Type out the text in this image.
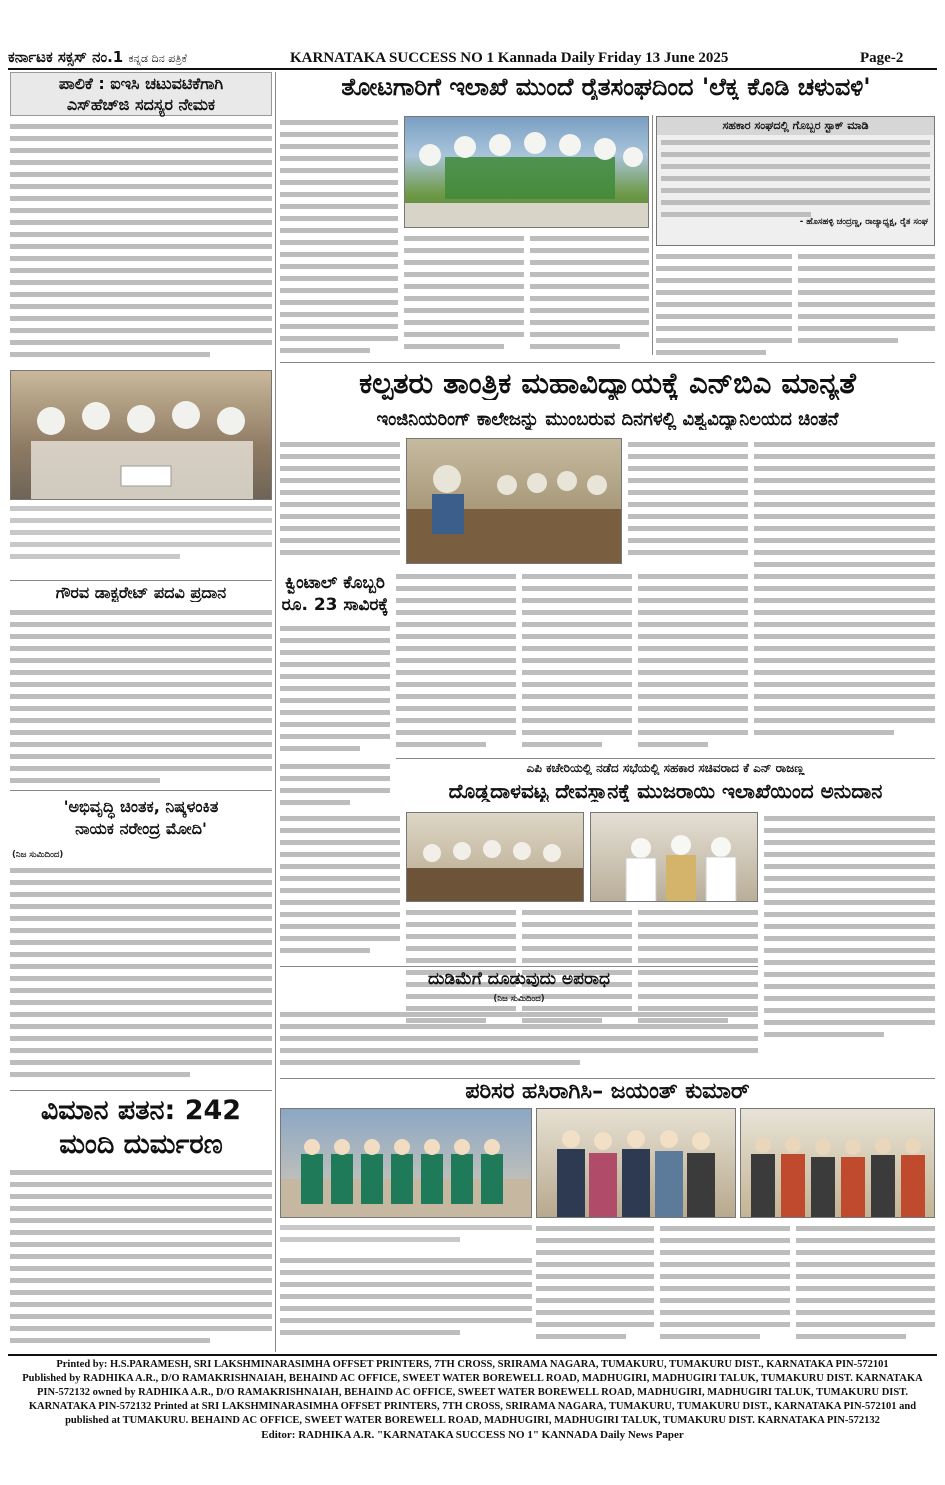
ಕರ್ನಾಟಕ ಸಕ್ಸಸ್ ನಂ.1 ಕನ್ನಡ ದಿನ ಪತ್ರಿಕೆ	KARNATAKA SUCCESS NO 1 Kannada Daily Friday 13 June 2025	Page-2
ಪಾಲಿಕೆ : ಐಇಸಿ ಚಟುವಟಿಕೆಗಾಗಿ
ಎಸ್‌ಹೆಚ್‌ಜಿ ಸದಸ್ಯರ ನೇಮಕ
ಗೌರವ ಡಾಕ್ಟರೇಟ್ ಪದವಿ ಪ್ರದಾನ
'ಅಭಿವೃದ್ಧಿ ಚಿಂತಕ, ನಿಷ್ಕಳಂಕಿತ
ನಾಯಕ ನರೇಂದ್ರ ಮೋದಿ'
(ನಿಜ ಸುಮಿದಿಂದ)
ವಿಮಾನ ಪತನ: 242
ಮಂದಿ ದುರ್ಮರಣ
ತೋಟಗಾರಿಗೆ ಇಲಾಖೆ ಮುಂದೆ ರೈತಸಂಘದಿಂದ 'ಲೆಕ್ಕ ಕೊಡಿ ಚಳುವಳಿ'
ಸಹಕಾರ ಸಂಘದಲ್ಲಿ ಗೊಬ್ಬರ ಸ್ಟಾಕ್ ಮಾಡಿ
- ಹೊಸಹಳ್ಳಿ ಚಂದ್ರಣ್ಣ, ರಾಜ್ಯಾಧ್ಯಕ್ಷ, ರೈತ ಸಂಘ
ಕಲ್ಪತರು ತಾಂತ್ರಿಕ ಮಹಾವಿದ್ಯಾಯಕ್ಕೆ ಎನ್‌ಬಿಎ ಮಾನ್ಯತೆ
ಇಂಜಿನಿಯರಿಂಗ್ ಕಾಲೇಜನ್ನು ಮುಂಬರುವ ದಿನಗಳಲ್ಲಿ ವಿಶ್ವವಿದ್ಯಾನಿಲಯದ ಚಿಂತನೆ
ಕ್ವಿಂಟಾಲ್ ಕೊಬ್ಬರಿ
ರೂ. 23 ಸಾವಿರಕ್ಕೆ
ಎಪಿ ಕಚೇರಿಯಲ್ಲಿ ನಡೆದ ಸಭೆಯಲ್ಲಿ ಸಹಕಾರ ಸಚಿವರಾದ ಕೆ ಎನ್ ರಾಜಣ್ಣ
ದೊಡ್ಡದಾಳವಟ್ಟ ದೇವಸ್ಥಾನಕ್ಕೆ ಮುಜರಾಯಿ ಇಲಾಖೆಯಿಂದ ಅನುದಾನ
ದುಡಿಮೆಗೆ ದೂಡುವುದು ಅಪರಾಧ
(ನಿಜ ಸುಮಿದಿಂದ)
ಪರಿಸರ ಹಸಿರಾಗಿಸಿ– ಜಯಂತ್ ಕುಮಾರ್
Printed by: H.S.PARAMESH, SRI LAKSHMINARASIMHA OFFSET PRINTERS, 7TH CROSS, SRIRAMA NAGARA, TUMAKURU, TUMAKURU DIST., KARNATAKA PIN-572101
Published by RADHIKA A.R., D/O RAMAKRISHNAIAH, BEHAIND AC OFFICE, SWEET WATER BOREWELL ROAD, MADHUGIRI, MADHUGIRI TALUK, TUMAKURU DIST. KARNATAKA
PIN-572132 owned by RADHIKA A.R., D/O RAMAKRISHNAIAH, BEHAIND AC OFFICE, SWEET WATER BOREWELL ROAD, MADHUGIRI, MADHUGIRI TALUK, TUMAKURU DIST.
KARNATAKA PIN-572132 Printed at SRI LAKSHMINARASIMHA OFFSET PRINTERS, 7TH CROSS, SRIRAMA NAGARA, TUMAKURU, TUMAKURU DIST., KARNATAKA PIN-572101 and
published at TUMAKURU. BEHAIND AC OFFICE, SWEET WATER BOREWELL ROAD, MADHUGIRI, MADHUGIRI TALUK, TUMAKURU DIST. KARNATAKA PIN-572132
Editor: RADHIKA A.R. "KARNATAKA SUCCESS NO 1" KANNADA Daily News Paper
